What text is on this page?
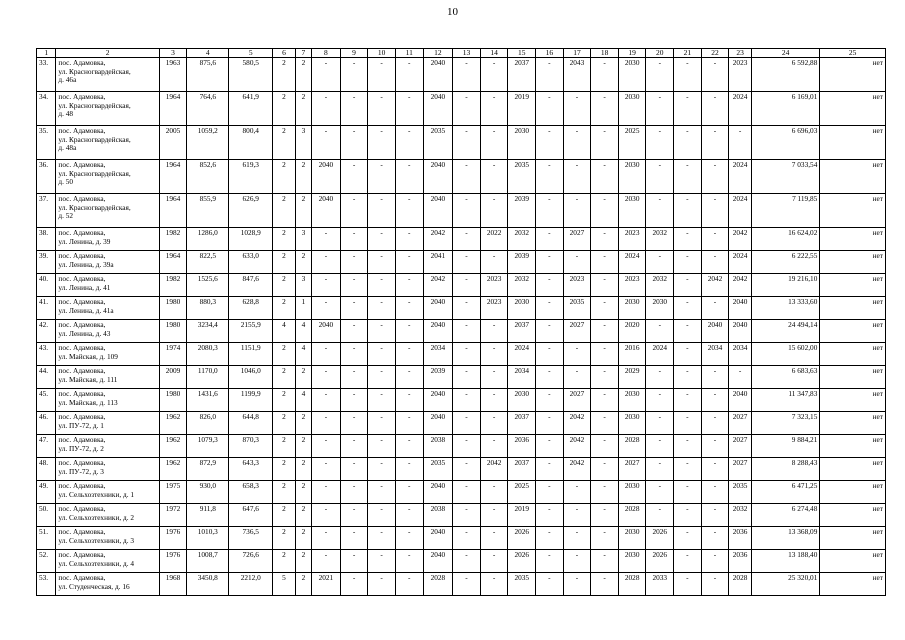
10
1	2	3	4	5	6	7	8	9	10	11	12	13	14	15	16	17	18	19	20	21	22	23	24	25
33.	пос. Адамовка,
ул. Красногвардейская,
д. 46а	1963	875,6	580,5	2	2	-	-	-	-	2040	-	-	2037	-	2043	-	2030	-	-	-	2023	6 592,88	нет
34.	пос. Адамовка,
ул. Красногвардейская,
д. 48	1964	764,6	641,9	2	2	-	-	-	-	2040	-	-	2019	-	-	-	2030	-	-	-	2024	6 169,01	нет
35.	пос. Адамовка,
ул. Красногвардейская,
д. 48а	2005	1059,2	800,4	2	3	-	-	-	-	2035	-	-	2030	-	-	-	2025	-	-	-	-	6 696,03	нет
36.	пос. Адамовка,
ул. Красногвардейская,
д. 50	1964	852,6	619,3	2	2	2040	-	-	-	2040	-	-	2035	-	-	-	2030	-	-	-	2024	7 033,54	нет
37.	пос. Адамовка,
ул. Красногвардейская,
д. 52	1964	855,9	626,9	2	2	2040	-	-	-	2040	-	-	2039	-	-	-	2030	-	-	-	2024	7 119,85	нет
38.	пос. Адамовка,
ул. Ленина, д. 39	1982	1286,0	1028,9	2	3	-	-	-	-	2042	-	2022	2032	-	2027	-	2023	2032	-	-	2042	16 624,02	нет
39.	пос. Адамовка,
ул. Ленина, д. 39а	1964	822,5	633,0	2	2	-	-	-	-	2041	-	-	2039	-	-	-	2024	-	-	-	2024	6 222,55	нет
40.	пос. Адамовка,
ул. Ленина, д. 41	1982	1525,6	847,6	2	3	-	-	-	-	2042	-	2023	2032	-	2023	-	2023	2032	-	2042	2042	19 216,10	нет
41.	пос. Адамовка,
ул. Ленина, д. 41а	1980	880,3	628,8	2	1	-	-	-	-	2040	-	2023	2030	-	2035	-	2030	2030	-	-	2040	13 333,60	нет
42.	пос. Адамовка,
ул. Ленина, д. 43	1980	3234,4	2155,9	4	4	2040	-	-	-	2040	-	-	2037	-	2027	-	2020	-	-	2040	2040	24 494,14	нет
43.	пос. Адамовка,
ул. Майская, д. 109	1974	2080,3	1151,9	2	4	-	-	-	-	2034	-	-	2024	-	-	-	2016	2024	-	2034	2034	15 602,00	нет
44.	пос. Адамовка,
ул. Майская, д. 111	2009	1170,0	1046,0	2	2	-	-	-	-	2039	-	-	2034	-	-	-	2029	-	-	-	-	6 683,63	нет
45.	пос. Адамовка,
ул. Майская, д. 113	1980	1431,6	1199,9	2	4	-	-	-	-	2040	-	-	2030	-	2027	-	2030	-	-	-	2040	11 347,83	нет
46.	пос. Адамовка,
ул. ПУ-72, д. 1	1962	826,0	644,8	2	2	-	-	-	-	2040	-	-	2037	-	2042	-	2030	-	-	-	2027	7 323,15	нет
47.	пос. Адамовка,
ул. ПУ-72, д. 2	1962	1079,3	870,3	2	2	-	-	-	-	2038	-	-	2036	-	2042	-	2028	-	-	-	2027	9 884,21	нет
48.	пос. Адамовка,
ул. ПУ-72, д. 3	1962	872,9	643,3	2	2	-	-	-	-	2035	-	2042	2037	-	2042	-	2027	-	-	-	2027	8 288,43	нет
49.	пос. Адамовка,
ул. Сельхозтехники, д. 1	1975	930,0	658,3	2	2	-	-	-	-	2040	-	-	2025	-	-	-	2030	-	-	-	2035	6 471,25	нет
50.	пос. Адамовка,
ул. Сельхозтехники, д. 2	1972	911,8	647,6	2	2	-	-	-	-	2038	-	-	2019	-	-	-	2028	-	-	-	2032	6 274,48	нет
51.	пос. Адамовка,
ул. Сельхозтехники, д. 3	1976	1010,3	736,5	2	2	-	-	-	-	2040	-	-	2026	-	-	-	2030	2026	-	-	2036	13 368,09	нет
52.	пос. Адамовка,
ул. Сельхозтехники, д. 4	1976	1008,7	726,6	2	2	-	-	-	-	2040	-	-	2026	-	-	-	2030	2026	-	-	2036	13 188,40	нет
53.	пос. Адамовка,
ул. Студенческая, д. 16	1968	3450,8	2212,0	5	2	2021	-	-	-	2028	-	-	2035	-	-	-	2028	2033	-	-	2028	25 320,01	нет
